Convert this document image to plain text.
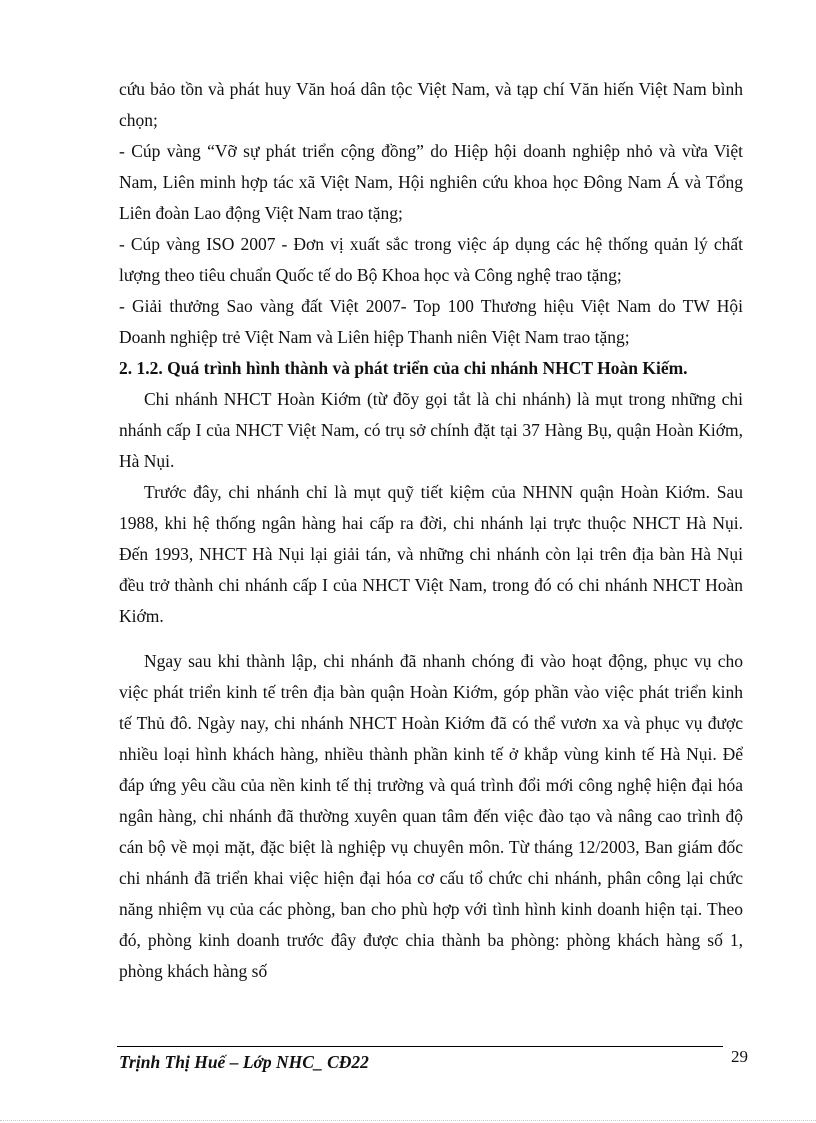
cứu bảo tồn và phát huy Văn hoá dân tộc Việt Nam, và tạp chí Văn hiến Việt Nam bình chọn;

- Cúp vàng “Vỡ sự phát triển cộng đồng” do Hiệp hội doanh nghiệp nhỏ và vừa Việt Nam, Liên minh hợp tác xã Việt Nam, Hội nghiên cứu khoa học Đông Nam Á và Tổng Liên đoàn Lao động Việt Nam trao tặng;

- Cúp vàng ISO 2007 - Đơn vị xuất sắc trong việc áp dụng các hệ thống quản lý chất lượng theo tiêu chuẩn Quốc tế do Bộ Khoa học và Công nghệ trao tặng;

- Giải thưởng Sao vàng đất Việt 2007- Top 100 Thương hiệu Việt Nam do TW Hội Doanh nghiệp trẻ Việt Nam và Liên hiệp Thanh niên Việt Nam trao tặng;

2. 1.2. Quá trình hình thành và phát triển của chi nhánh NHCT Hoàn Kiếm.

Chi nhánh NHCT Hoàn Kiớm (từ đõy gọi tắt là chi nhánh) là mụt trong những chi nhánh cấp I của NHCT Việt Nam, có trụ sở chính đặt tại 37 Hàng Bụ, quận Hoàn Kiớm, Hà Nụi.

Trước đây, chi nhánh chỉ là mụt quỹ tiết kiệm của NHNN quận Hoàn Kiớm. Sau 1988, khi hệ thống ngân hàng hai cấp ra đời, chi nhánh lại trực thuộc NHCT Hà Nụi. Đến 1993, NHCT Hà Nụi lại giải tán, và những chi nhánh còn lại trên địa bàn Hà Nụi đều trở thành chi nhánh cấp I của NHCT Việt Nam, trong đó có chi nhánh NHCT Hoàn Kiớm.

Ngay sau khi thành lập, chi nhánh đã nhanh chóng đi vào hoạt động, phục vụ cho việc phát triển kinh tế trên địa bàn quận Hoàn Kiớm, góp phần vào việc phát triển kinh tế Thủ đô. Ngày nay, chi nhánh NHCT Hoàn Kiớm đã có thể vươn xa và phục vụ được nhiều loại hình khách hàng, nhiều thành phần kinh tế ở khắp vùng kinh tế Hà Nụi. Để đáp ứng yêu cầu của nền kinh tế thị trường và quá trình đổi mới công nghệ hiện đại hóa ngân hàng, chi nhánh đã thường xuyên quan tâm đến việc đào tạo và nâng cao trình độ cán bộ về mọi mặt, đặc biệt là nghiệp vụ chuyên môn. Từ tháng 12/2003, Ban giám đốc chi nhánh đã triển khai việc hiện đại hóa cơ cấu tổ chức chi nhánh, phân công lại chức năng nhiệm vụ của các phòng, ban cho phù hợp với tình hình kinh doanh hiện tại. Theo đó, phòng kinh doanh trước đây được chia thành ba phòng: phòng khách hàng số 1, phòng khách hàng số

Trịnh Thị Huế – Lớp NHC_ CĐ22	29
